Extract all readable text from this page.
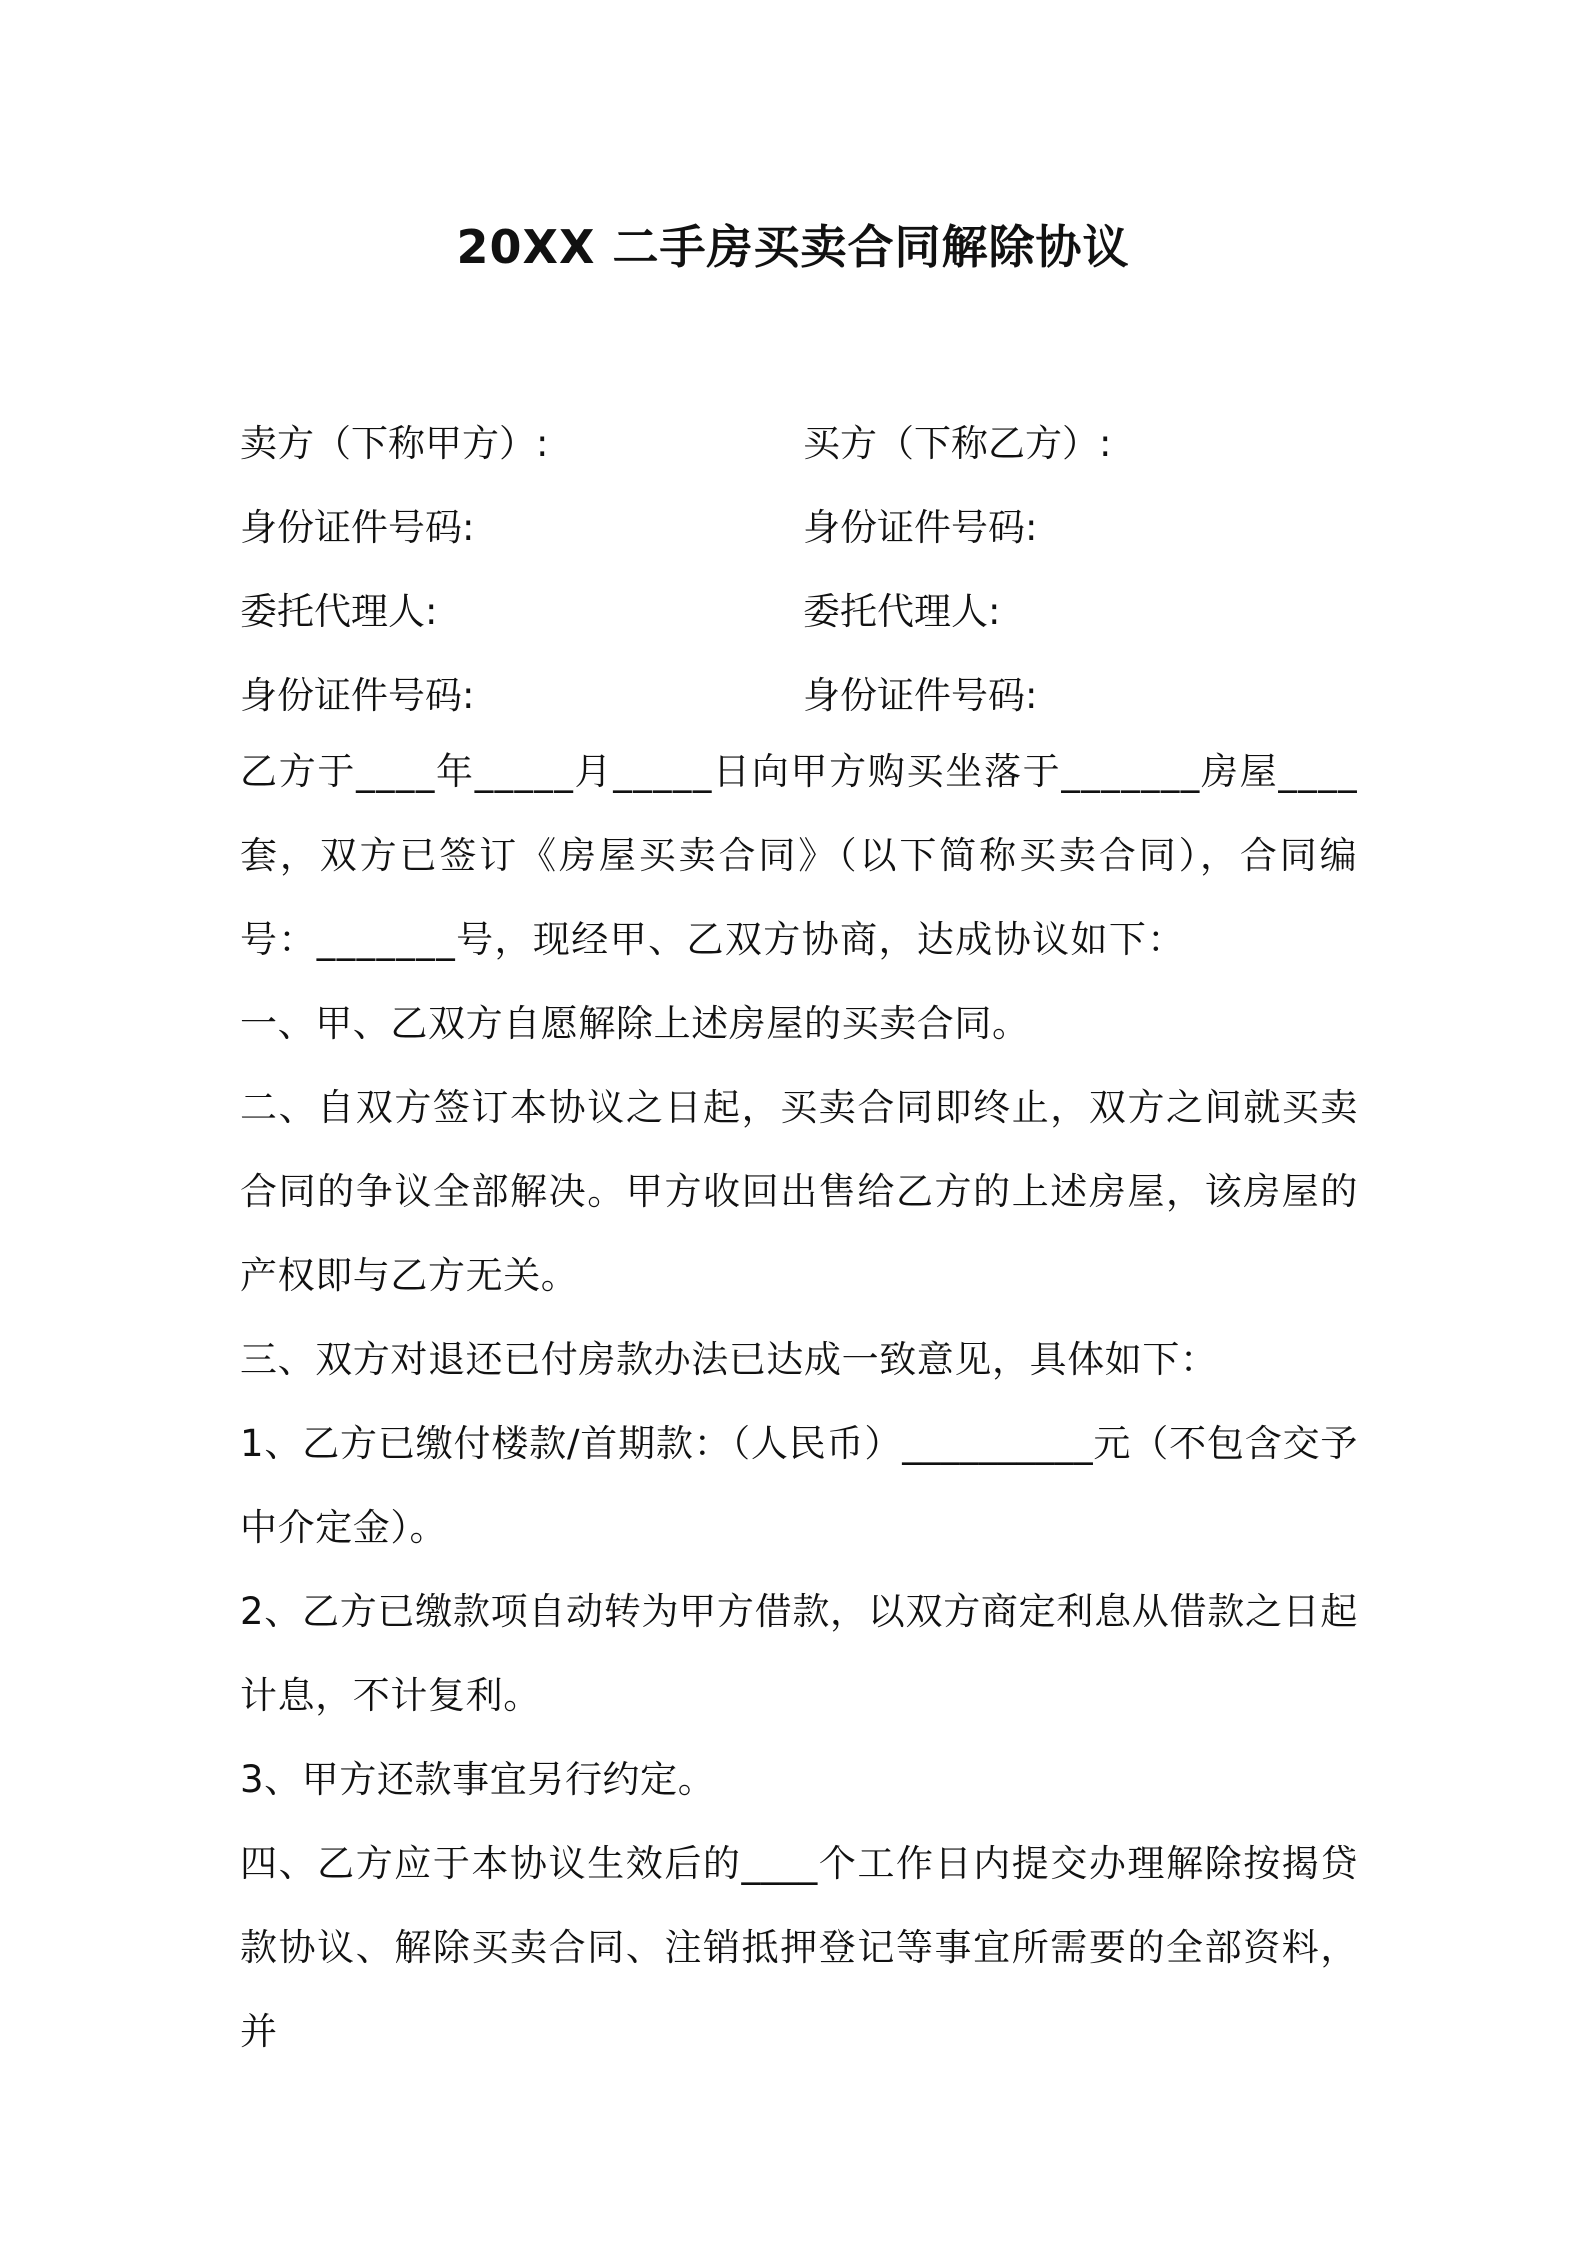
20XX 二手房买卖合同解除协议
卖方（下称甲方）:	买方（下称乙方）:
身份证件号码:	身份证件号码:
委托代理人:	委托代理人:
身份证件号码:	身份证件号码:

乙方于____年_____月_____日向甲方购买坐落于_______房屋____套，双方已签订《房屋买卖合同》（以下简称买卖合同），合同编号：_______号，现经甲、乙双方协商，达成协议如下：

一、甲、乙双方自愿解除上述房屋的买卖合同。

二、自双方签订本协议之日起，买卖合同即终止，双方之间就买卖合同的争议全部解决。甲方收回出售给乙方的上述房屋，该房屋的产权即与乙方无关。

三、双方对退还已付房款办法已达成一致意见，具体如下：

1、乙方已缴付楼款/首期款：（人民币）__________元（不包含交予中介定金）。

2、乙方已缴款项自动转为甲方借款，以双方商定利息从借款之日起计息，不计复利。

3、甲方还款事宜另行约定。

四、乙方应于本协议生效后的____个工作日内提交办理解除按揭贷款协议、解除买卖合同、注销抵押登记等事宜所需要的全部资料，并
